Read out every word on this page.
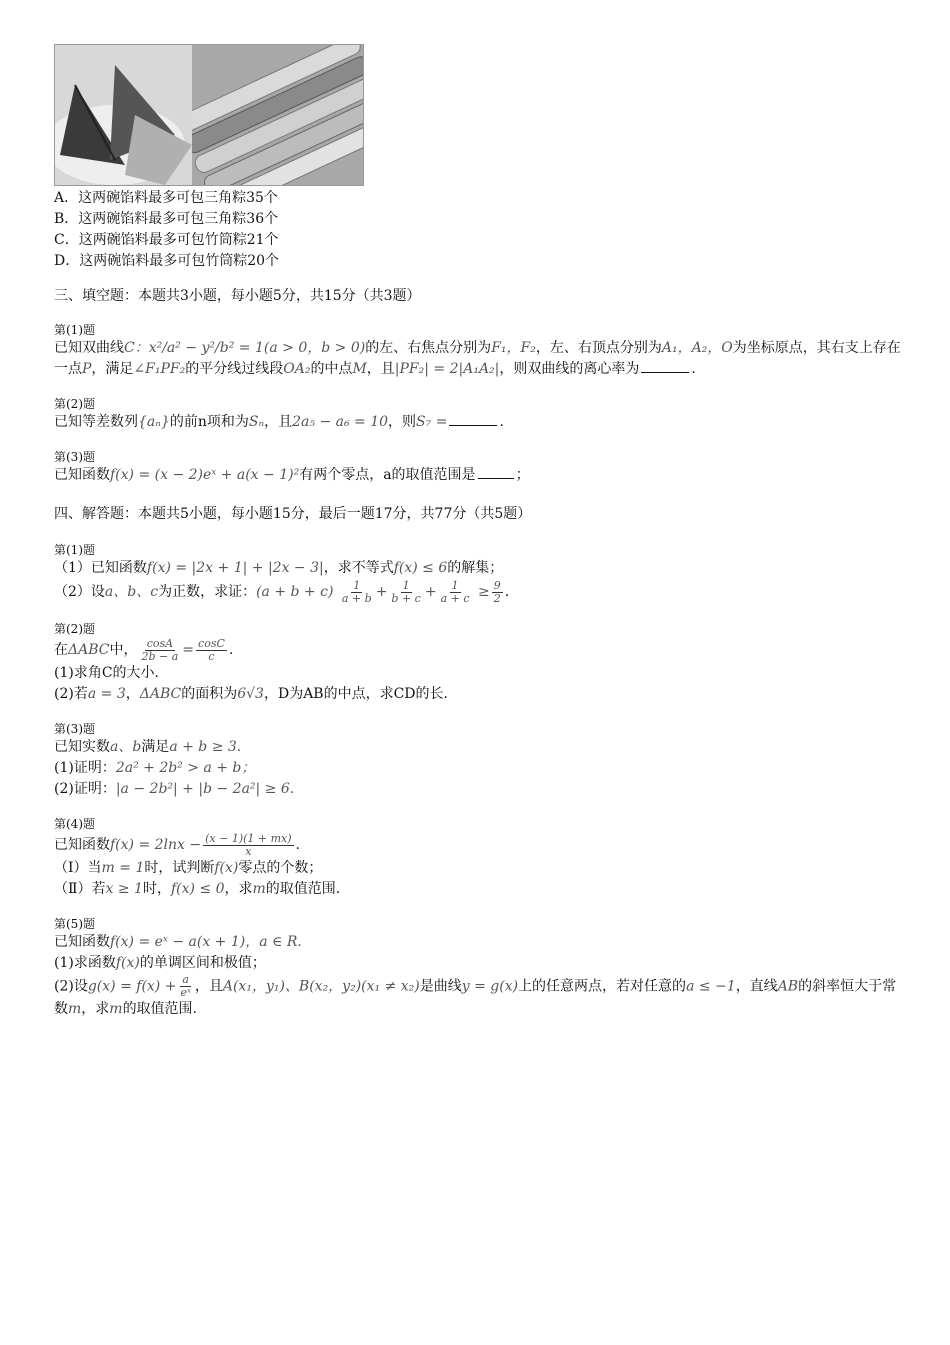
A．这两碗馅料最多可包三角粽35个
B．这两碗馅料最多可包三角粽36个
C．这两碗馅料最多可包竹筒粽21个
D．这两碗馅料最多可包竹筒粽20个
三、填空题：本题共3小题，每小题5分，共15分（共3题）
第(1)题
已知双曲线C：x²/a² − y²/b² = 1(a > 0，b > 0)的左、右焦点分别为F₁，F₂，左、右顶点分别为A₁，A₂，O为坐标原点，其右支上存在
一点P，满足∠F₁PF₂的平分线过线段OA₂的中点M，且|PF₂| = 2|A₁A₂|，则双曲线的离心率为	.
第(2)题
已知等差数列{aₙ}的前n项和为Sₙ，且2a₅ − a₆ = 10，则S₇ =	.
第(3)题
已知函数f(x) = (x − 2)eˣ + a(x − 1)²有两个零点，a的取值范围是	；
四、解答题：本题共5小题，每小题15分，最后一题17分，共77分（共5题）
第(1)题
（1）已知函数f(x) = |2x + 1| + |2x − 3|，求不等式f(x) ≤ 6的解集；
（2）设a、b、c为正数，求证：$(a + b + c) \frac{1}{a + b} + \frac{1}{b + c} + \frac{1}{a + c} \ge \frac{9}{2}$ .
第(2)题
在ΔABC中， $\frac{\cos A}{2b - a} = \frac{\cos C}{c}$ .
(1)求角C的大小.
(2)若a = 3，ΔABC的面积为6√3，D为AB的中点，求CD的长.
第(3)题
已知实数a、b满足a + b ≥ 3.
(1)证明：2a² + 2b² > a + b；
(2)证明：|a − 2b²| + |b − 2a²| ≥ 6.
第(4)题
已知函数$f(x) = 2\ln x - \frac{(x - 1)(1 + mx)}{x}$ .
（Ⅰ）当m = 1时，试判断f(x)零点的个数；
（Ⅱ）若x ≥ 1时，f(x) ≤ 0，求m的取值范围.
第(5)题
已知函数f(x) = eˣ − a(x + 1)，a ∈ R.
(1)求函数f(x)的单调区间和极值；
(2)设$g(x) = f(x) + \frac{a}{\text{eˣ}}$ ，且A(x₁，y₁)、B(x₂，y₂)(x₁ ≠ x₂)是曲线y = g(x)上的任意两点，若对任意的a ≤ −1，直线AB的斜率恒大于常
数m，求m的取值范围.
